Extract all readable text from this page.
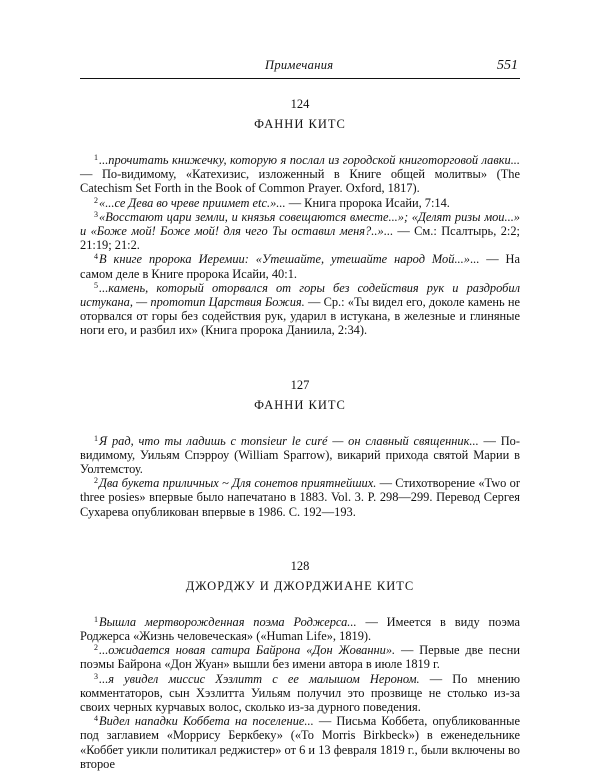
Примечания	551
124
ФАННИ КИТС

$^1$...прочитать книжечку, которую я послал из городской книготорговой лавки... — По-видимому, «Катехизис, изложенный в Книге общей молитвы» (The Catechism Set Forth in the Book of Common Prayer. Oxford, 1817).

$^2$«...се Дева во чреве приимет etc.»... — Книга пророка Исайи, 7:14.

$^3$«Восстают цари земли, и князья совещаются вместе...»; «Делят ризы мои...» и «Боже мой! Боже мой! для чего Ты оставил меня?..»... — См.: Псалтырь, 2:2; 21:19; 21:2.

$^4$В книге пророка Иеремии: «Утешайте, утешайте народ Мой...»... — На самом деле в Книге пророка Исайи, 40:1.

$^5$...камень, который оторвался от горы без содействия рук и раздробил истукана, — прототип Царствия Божия. — Ср.: «Ты видел его, доколе камень не оторвался от горы без содействия рук, ударил в истукана, в железные и глиняные ноги его, и разбил их» (Книга пророка Даниила, 2:34).

127
ФАННИ КИТС

$^1$Я рад, что ты ладишь с monsieur le curé — он славный священник... — По-видимому, Уильям Спэрроу (William Sparrow), викарий прихода святой Марии в Уолтемстоу.

$^2$Два букета приличных ~ Для сонетов приятнейших. — Стихотворение «Two or three posies» впервые было напечатано в 1883. Vol. 3. P. 298—299. Перевод Сергея Сухарева опубликован впервые в 1986. С. 192—193.

128
ДЖОРДЖУ И ДЖОРДЖИАНЕ КИТС

$^1$Вышла мертворожденная поэма Роджерса... — Имеется в виду поэма Роджерса «Жизнь человеческая» («Human Life», 1819).

$^2$...ожидается новая сатира Байрона «Дон Жованни». — Первые две песни поэмы Байрона «Дон Жуан» вышли без имени автора в июле 1819 г.

$^3$...я увидел миссис Хэзлитт с ее малышом Нероном. — По мнению комментаторов, сын Хэзлитта Уильям получил это прозвище не столько из-за своих черных курчавых волос, сколько из-за дурного поведения.

$^4$Видел нападки Коббета на поселение... — Письма Коббета, опубликованные под заглавием «Моррису Беркбеку» («To Morris Birkbeck») в еженедельнике «Коббет уикли политикал реджистер» от 6 и 13 февраля 1819 г., были включены во второе
